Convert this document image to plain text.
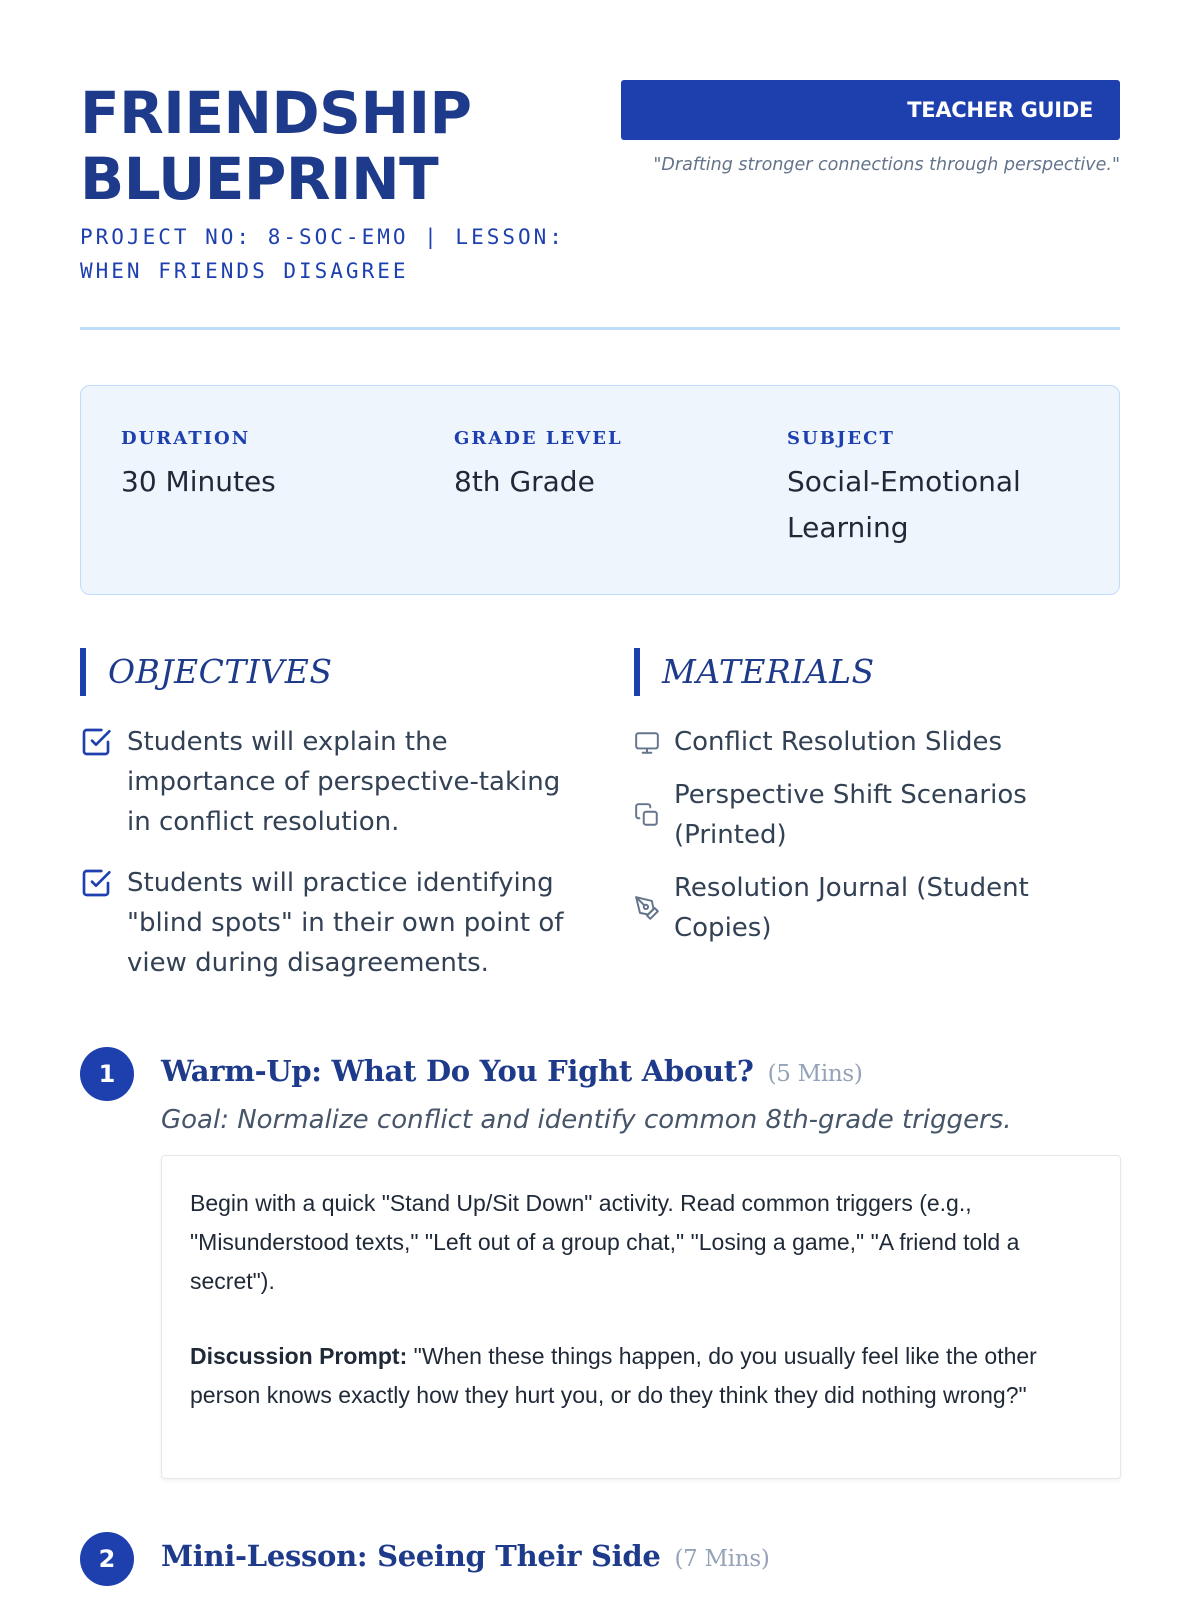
FRIENDSHIP
BLUEPRINT
PROJECT NO: 8-SOC-EMO | LESSON:
WHEN FRIENDS DISAGREE
TEACHER GUIDE
"Drafting stronger connections through perspective."
DURATION
30 Minutes
GRADE LEVEL
8th Grade
SUBJECT
Social-Emotional Learning
OBJECTIVES
Students will explain the importance of perspective-taking in conflict resolution.
Students will practice identifying "blind spots" in their own point of view during disagreements.
MATERIALS
Conflict Resolution Slides
Perspective Shift Scenarios (Printed)
Resolution Journal (Student Copies)
1	Warm-Up: What Do You Fight About? (5 Mins)
Goal: Normalize conflict and identify common 8th-grade triggers.

Begin with a quick "Stand Up/Sit Down" activity. Read common triggers (e.g., "Misunderstood texts," "Left out of a group chat," "Losing a game," "A friend told a secret").

Discussion Prompt: "When these things happen, do you usually feel like the other person knows exactly how they hurt you, or do they think they did nothing wrong?"

2	Mini-Lesson: Seeing Their Side (7 Mins)
